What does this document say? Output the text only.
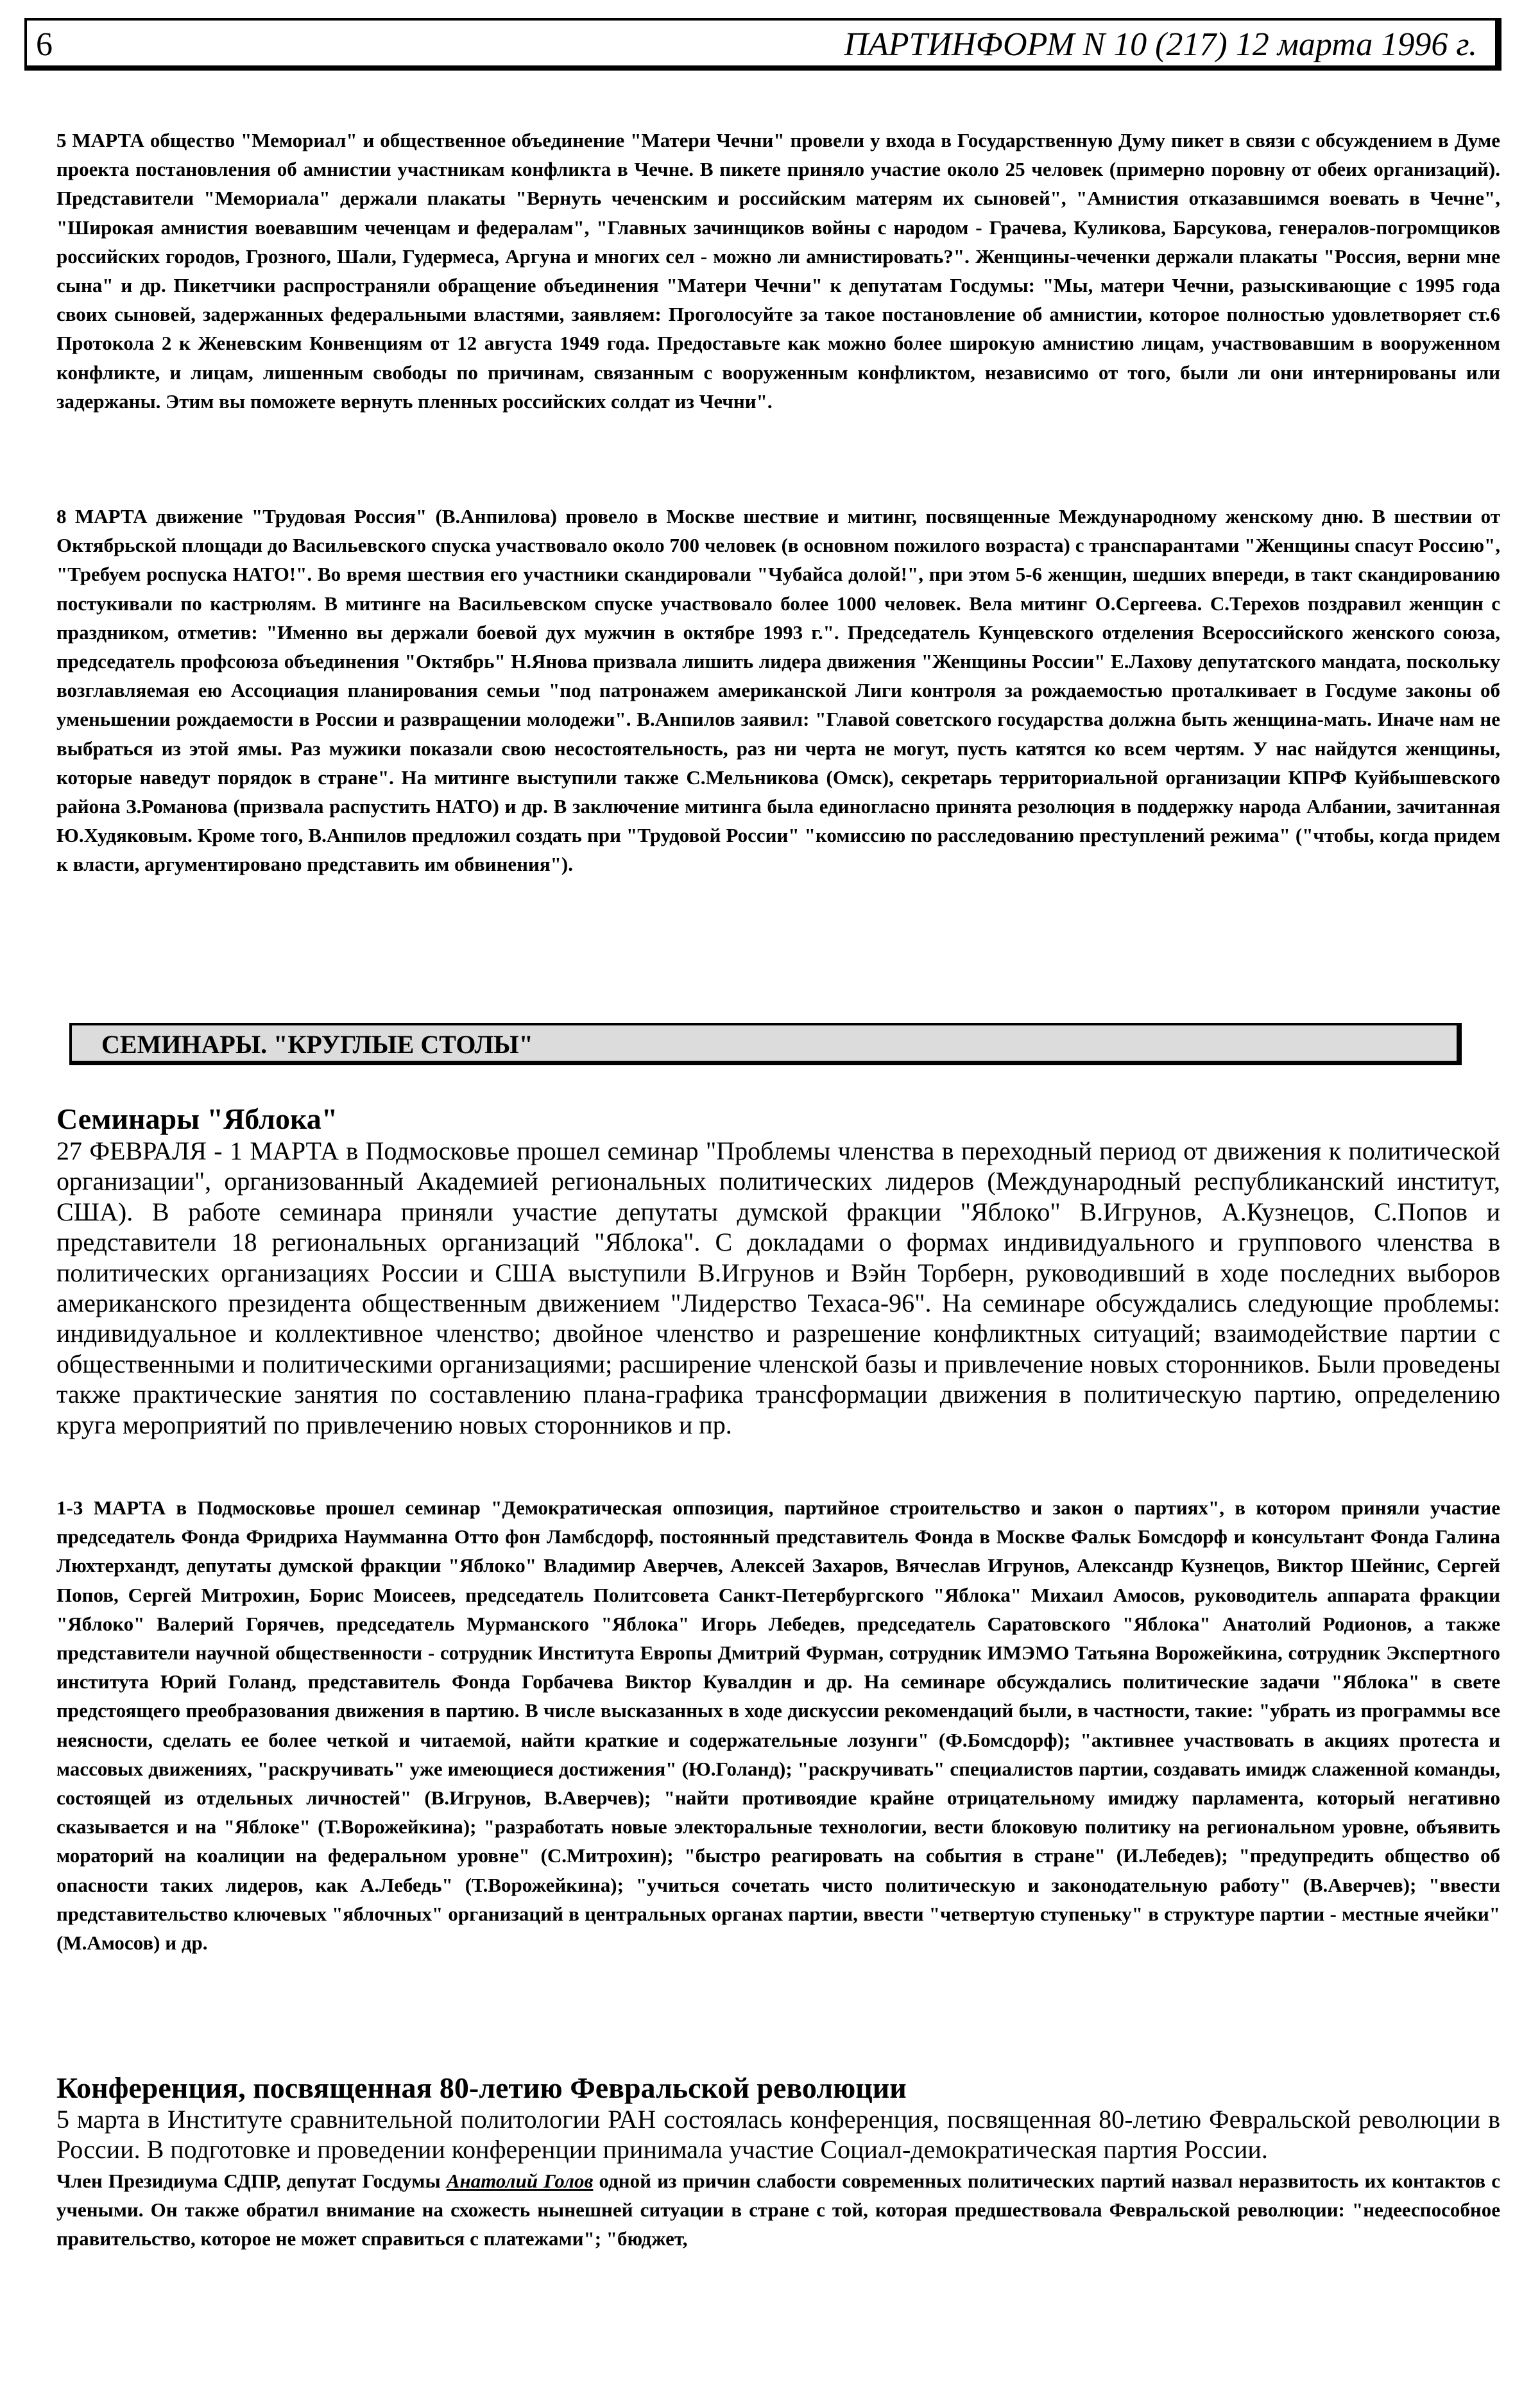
6	ПАРТИНФОРМ N 10 (217) 12 марта 1996 г.

5 МАРТА общество "Мемориал" и общественное объединение "Матери Чечни" провели у входа в Государственную Думу пикет в связи с обсуждением в Думе проекта постановления об амнистии участникам конфликта в Чечне. В пикете приняло участие около 25 человек (примерно поровну от обеих организаций). Представители "Мемориала" держали плакаты "Вернуть чеченским и российским матерям их сыновей", "Амнистия отказавшимся воевать в Чечне", "Широкая амнистия воевавшим чеченцам и федералам", "Главных зачинщиков войны с народом - Грачева, Куликова, Барсукова, генералов-погромщиков российских городов, Грозного, Шали, Гудермеса, Аргуна и многих сел - можно ли амнистировать?". Женщины-чеченки держали плакаты "Россия, верни мне сына" и др. Пикетчики распространяли обращение объединения "Матери Чечни" к депутатам Госдумы: "Мы, матери Чечни, разыскивающие с 1995 года своих сыновей, задержанных федеральными властями, заявляем: Проголосуйте за такое постановление об амнистии, которое полностью удовлетворяет ст.6 Протокола 2 к Женевским Конвенциям от 12 августа 1949 года. Предоставьте как можно более широкую амнистию лицам, участвовавшим в вооруженном конфликте, и лицам, лишенным свободы по причинам, связанным с вооруженным конфликтом, независимо от того, были ли они интернированы или задержаны. Этим вы поможете вернуть пленных российских солдат из Чечни".

8 МАРТА движение "Трудовая Россия" (В.Анпилова) провело в Москве шествие и митинг, посвященные Международному женскому дню. В шествии от Октябрьской площади до Васильевского спуска участвовало около 700 человек (в основном пожилого возраста) с транспарантами "Женщины спасут Россию", "Требуем роспуска НАТО!". Во время шествия его участники скандировали "Чубайса долой!", при этом 5-6 женщин, шедших впереди, в такт скандированию постукивали по кастрюлям. В митинге на Васильевском спуске участвовало более 1000 человек. Вела митинг О.Сергеева. С.Терехов поздравил женщин с праздником, отметив: "Именно вы держали боевой дух мужчин в октябре 1993 г.". Председатель Кунцевского отделения Всероссийского женского союза, председатель профсоюза объединения "Октябрь" Н.Янова призвала лишить лидера движения "Женщины России" Е.Лахову депутатского мандата, поскольку возглавляемая ею Ассоциация планирования семьи "под патронажем американской Лиги контроля за рождаемостью проталкивает в Госдуме законы об уменьшении рождаемости в России и развращении молодежи". В.Анпилов заявил: "Главой советского государства должна быть женщина-мать. Иначе нам не выбраться из этой ямы. Раз мужики показали свою несостоятельность, раз ни черта не могут, пусть катятся ко всем чертям. У нас найдутся женщины, которые наведут порядок в стране". На митинге выступили также С.Мельникова (Омск), секретарь территориальной организации КПРФ Куйбышевского района З.Романова (призвала распустить НАТО) и др. В заключение митинга была единогласно принята резолюция в поддержку народа Албании, зачитанная Ю.Худяковым. Кроме того, В.Анпилов предложил создать при "Трудовой России" "комиссию по расследованию преступлений режима" ("чтобы, когда придем к власти, аргументировано представить им обвинения").

СЕМИНАРЫ. "КРУГЛЫЕ СТОЛЫ"
Семинары "Яблока"

27 ФЕВРАЛЯ - 1 МАРТА в Подмосковье прошел семинар "Проблемы членства в переходный период от движения к политической организации", организованный Академией региональных политических лидеров (Международный республиканский институт, США). В работе семинара приняли участие депутаты думской фракции "Яблоко" В.Игрунов, А.Кузнецов, С.Попов и представители 18 региональных организаций "Яблока". С докладами о формах индивидуального и группового членства в политических организациях России и США выступили В.Игрунов и Вэйн Торберн, руководивший в ходе последних выборов американского президента общественным движением "Лидерство Техаса-96". На семинаре обсуждались следующие проблемы: индивидуальное и коллективное членство; двойное членство и разрешение конфликтных ситуаций; взаимодействие партии с общественными и политическими организациями; расширение членской базы и привлечение новых сторонников. Были проведены также практические занятия по составлению плана-графика трансформации движения в политическую партию, определению круга мероприятий по привлечению новых сторонников и пр.

1-3 МАРТА в Подмосковье прошел семинар "Демократическая оппозиция, партийное строительство и закон о партиях", в котором приняли участие председатель Фонда Фридриха Наумманна Отто фон Ламбсдорф, постоянный представитель Фонда в Москве Фальк Бомсдорф и консультант Фонда Галина Люхтерхандт, депутаты думской фракции "Яблоко" Владимир Аверчев, Алексей Захаров, Вячеслав Игрунов, Александр Кузнецов, Виктор Шейнис, Сергей Попов, Сергей Митрохин, Борис Моисеев, председатель Политсовета Санкт-Петербургского "Яблока" Михаил Амосов, руководитель аппарата фракции "Яблоко" Валерий Горячев, председатель Мурманского "Яблока" Игорь Лебедев, председатель Саратовского "Яблока" Анатолий Родионов, а также представители научной общественности - сотрудник Института Европы Дмитрий Фурман, сотрудник ИМЭМО Татьяна Ворожейкина, сотрудник Экспертного института Юрий Голанд, представитель Фонда Горбачева Виктор Кувалдин и др. На семинаре обсуждались политические задачи "Яблока" в свете предстоящего преобразования движения в партию. В числе высказанных в ходе дискуссии рекомендаций были, в частности, такие: "убрать из программы все неясности, сделать ее более четкой и читаемой, найти краткие и содержательные лозунги" (Ф.Бомсдорф); "активнее участвовать в акциях протеста и массовых движениях, "раскручивать" уже имеющиеся достижения" (Ю.Голанд); "раскручивать" специалистов партии, создавать имидж слаженной команды, состоящей из отдельных личностей" (В.Игрунов, В.Аверчев); "найти противоядие крайне отрицательному имиджу парламента, который негативно сказывается и на "Яблоке" (Т.Ворожейкина); "разработать новые электоральные технологии, вести блоковую политику на региональном уровне, объявить мораторий на коалиции на федеральном уровне" (С.Митрохин); "быстро реагировать на события в стране" (И.Лебедев); "предупредить общество об опасности таких лидеров, как А.Лебедь" (Т.Ворожейкина); "учиться сочетать чисто политическую и законодательную работу" (В.Аверчев); "ввести представительство ключевых "яблочных" организаций в центральных органах партии, ввести "четвертую ступеньку" в структуре партии - местные ячейки" (М.Амосов) и др.

Конференция, посвященная 80-летию Февральской революции

5 марта в Институте сравнительной политологии РАН состоялась конференция, посвященная 80-летию Февральской революции в России. В подготовке и проведении конференции принимала участие Социал-демократическая партия России.

Член Президиума СДПР, депутат Госдумы Анатолий Голов одной из причин слабости современных политических партий назвал неразвитость их контактов с учеными. Он также обратил внимание на схожесть нынешней ситуации в стране с той, которая предшествовала Февральской революции: "недееспособное правительство, которое не может справиться с платежами"; "бюджет,
